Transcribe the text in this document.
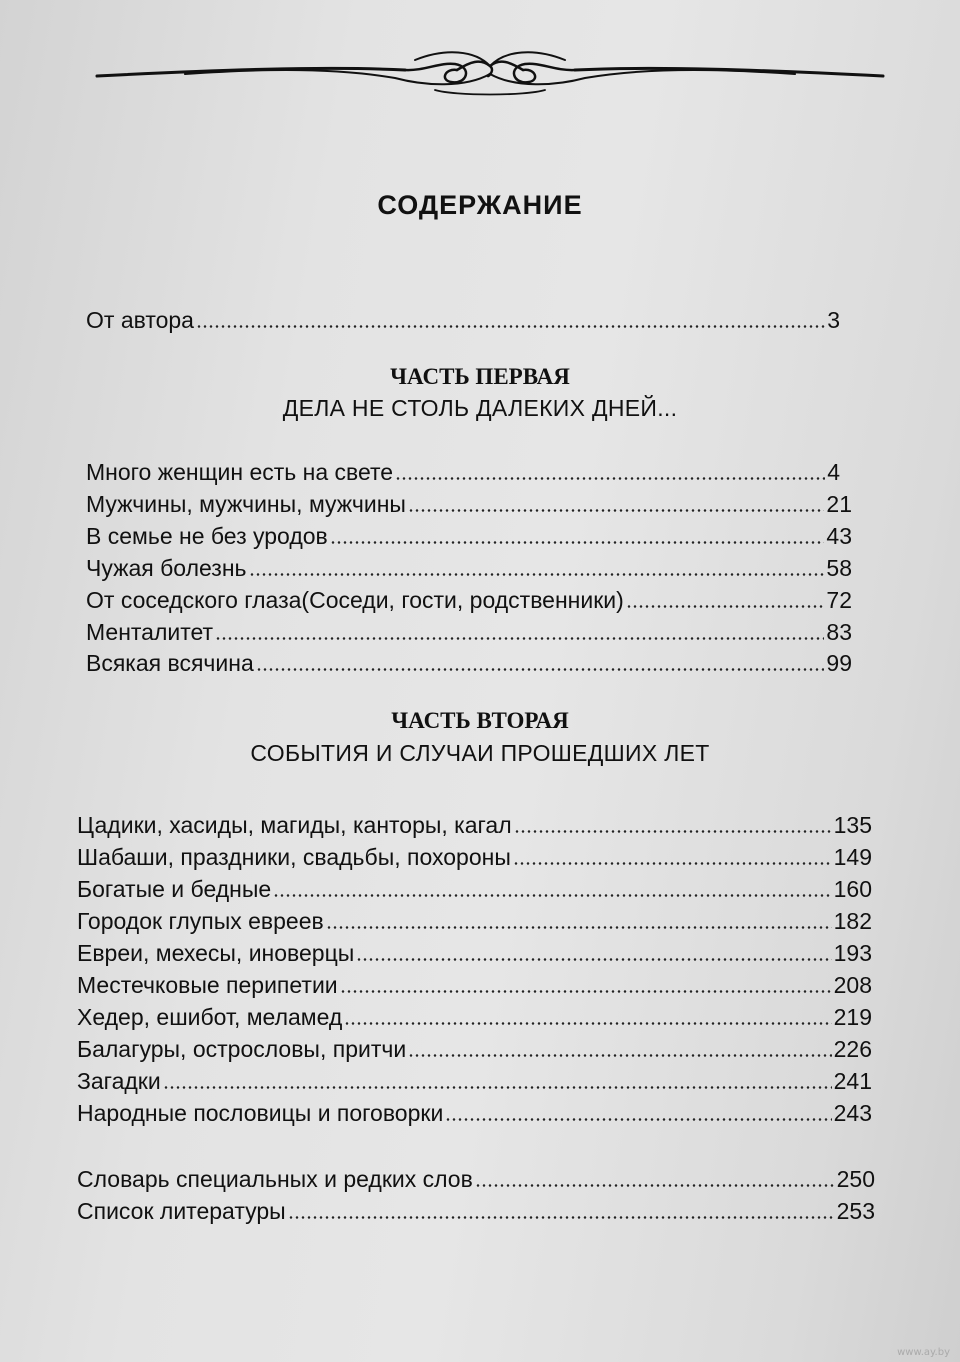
СОДЕРЖАНИЕ
От автора	3
ЧАСТЬ ПЕРВАЯ
ДЕЛА НЕ СТОЛЬ ДАЛЕКИХ ДНЕЙ...
Много женщин есть на свете	4
Мужчины, мужчины, мужчины	21
В семье не без уродов	43
Чужая болезнь	58
От соседского глаза(Соседи, гости, родственники)	72
Менталитет	83
Всякая всячина	99
ЧАСТЬ ВТОРАЯ
СОБЫТИЯ И СЛУЧАИ ПРОШЕДШИХ ЛЕТ
Цадики, хасиды, магиды, канторы, кагал	135
Шабаши, праздники, свадьбы, похороны	149
Богатые и бедные	160
Городок глупых евреев	182
Евреи, мехесы, иноверцы	193
Местечковые перипетии	208
Хедер, ешибот, меламед	219
Балагуры, острословы, притчи	226
Загадки	241
Народные пословицы и поговорки	243
Словарь специальных и редких слов	250
Список литературы	253
www.ay.by
